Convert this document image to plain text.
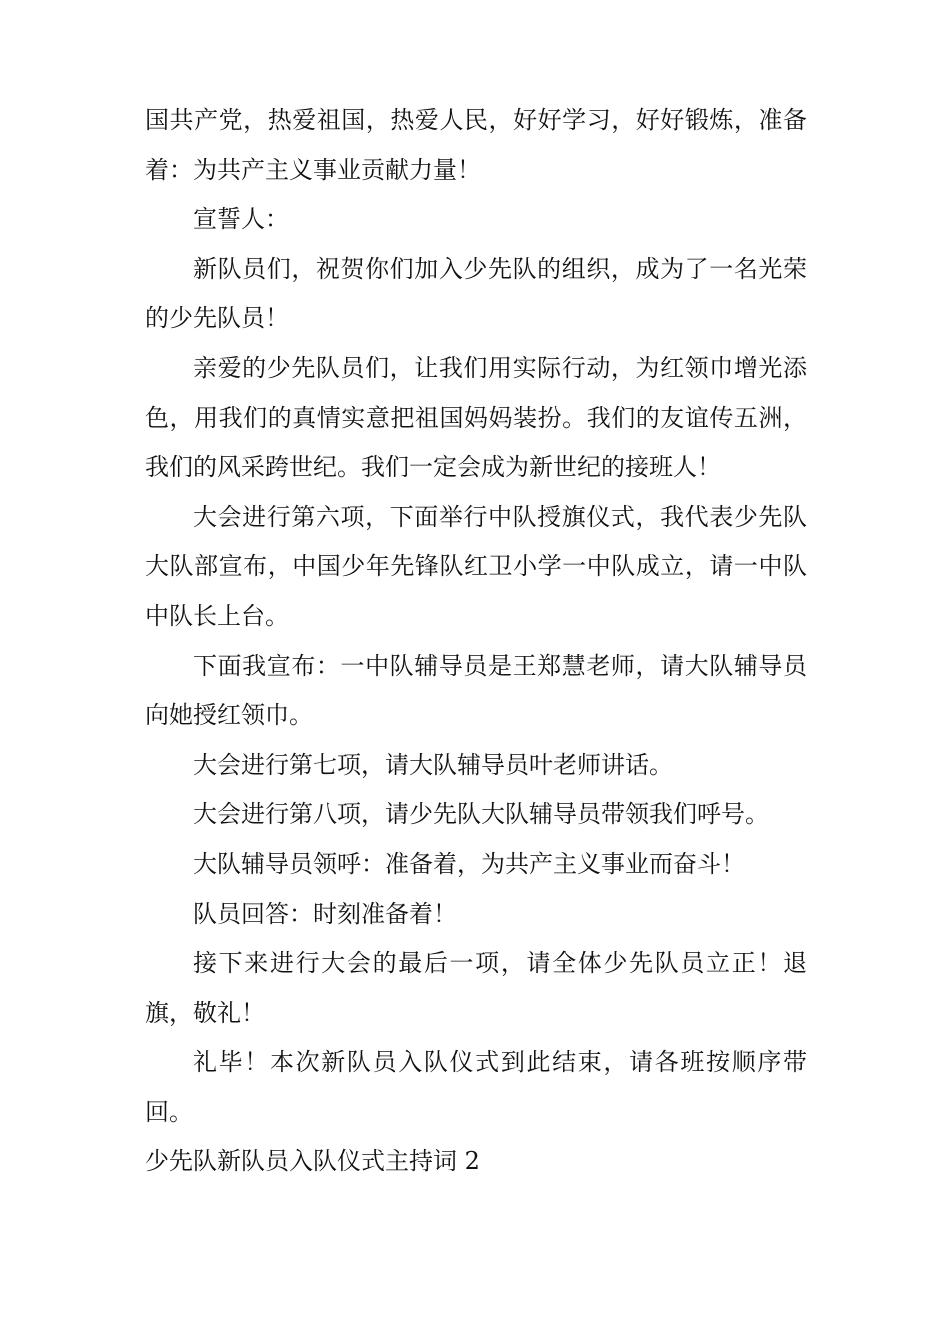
国共产党，热爱祖国，热爱人民，好好学习，好好锻炼，准备着：为共产主义事业贡献力量！

宣誓人：

新队员们，祝贺你们加入少先队的组织，成为了一名光荣的少先队员！

亲爱的少先队员们，让我们用实际行动，为红领巾增光添色，用我们的真情实意把祖国妈妈装扮。我们的友谊传五洲，我们的风采跨世纪。我们一定会成为新世纪的接班人！

大会进行第六项，下面举行中队授旗仪式，我代表少先队大队部宣布，中国少年先锋队红卫小学一中队成立，请一中队中队长上台。

下面我宣布：一中队辅导员是王郑慧老师，请大队辅导员向她授红领巾。

大会进行第七项，请大队辅导员叶老师讲话。

大会进行第八项，请少先队大队辅导员带领我们呼号。

大队辅导员领呼：准备着，为共产主义事业而奋斗！

队员回答：时刻准备着！

接下来进行大会的最后一项，请全体少先队员立正！退旗，敬礼！

礼毕！本次新队员入队仪式到此结束，请各班按顺序带回。

少先队新队员入队仪式主持词 2
